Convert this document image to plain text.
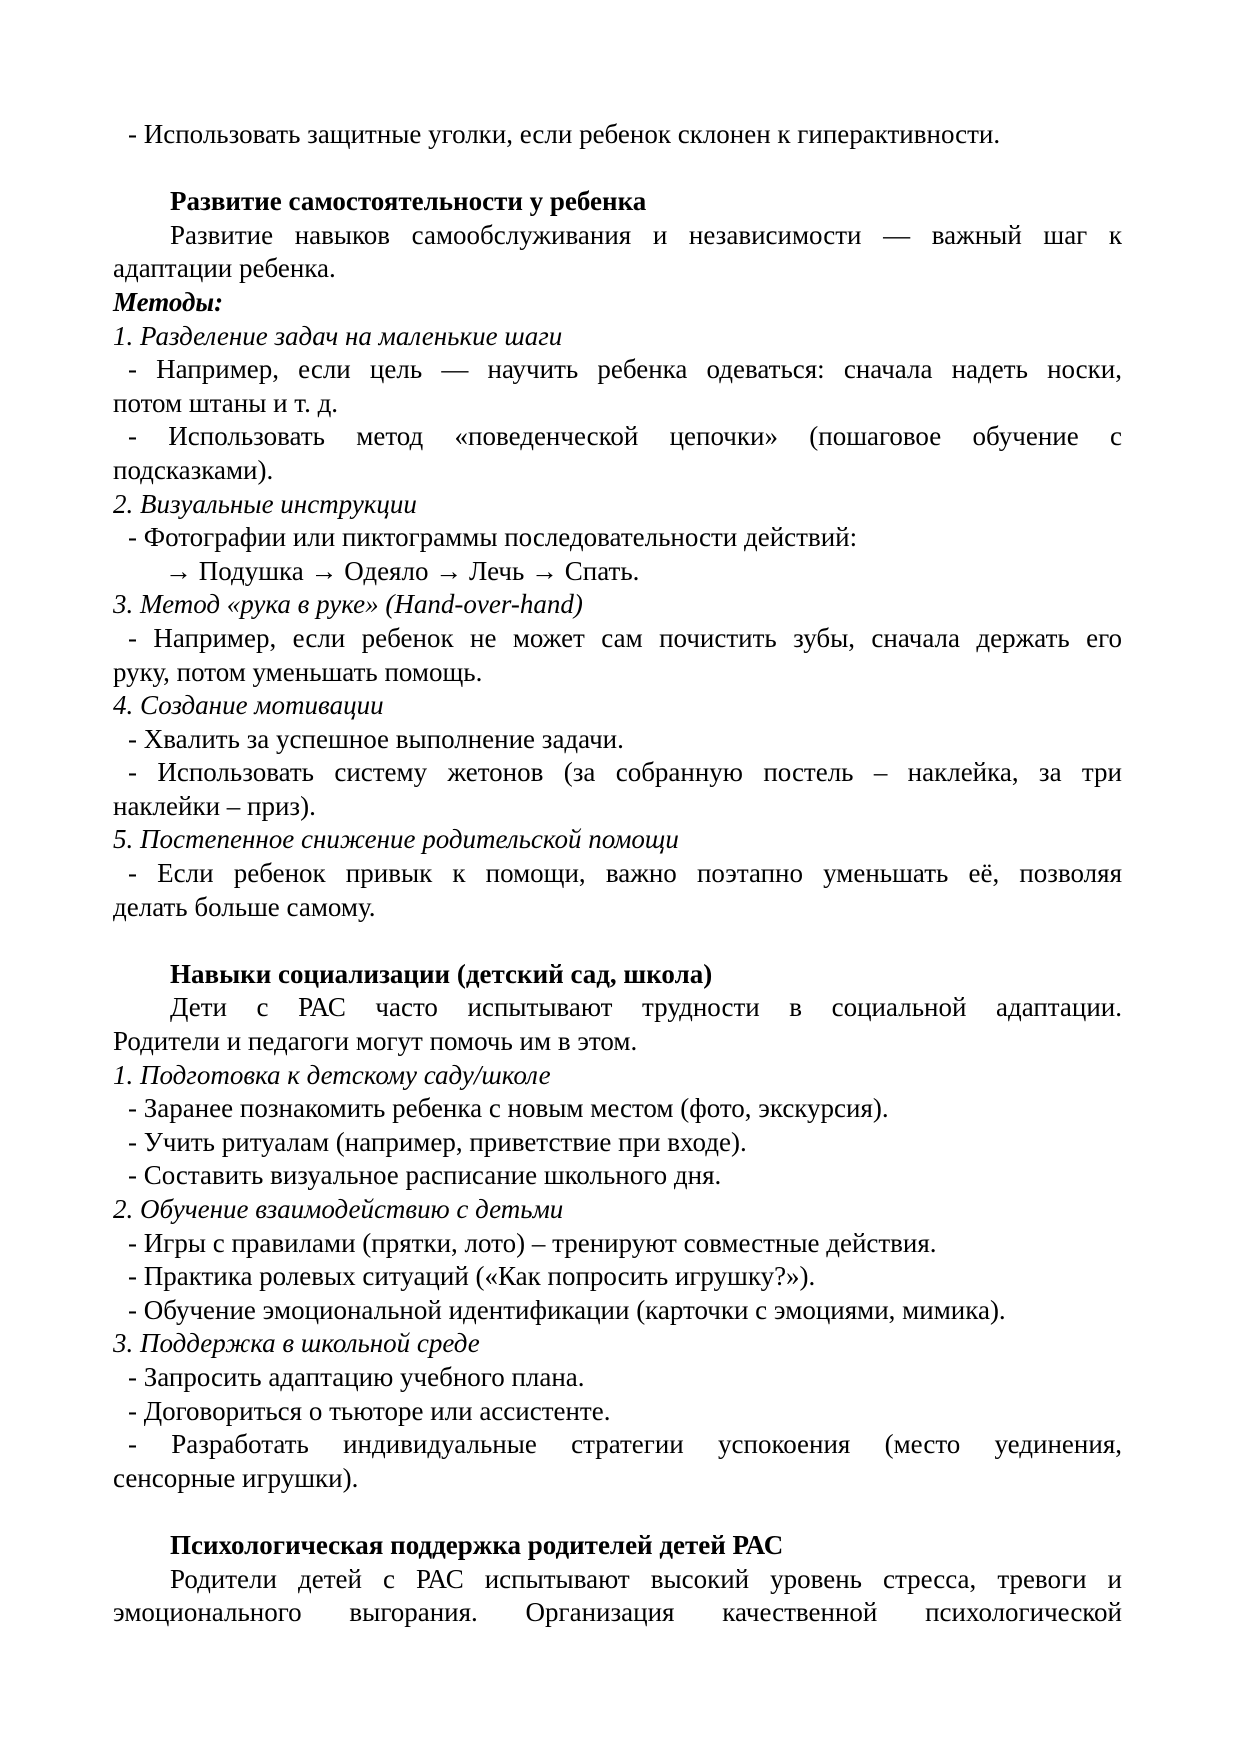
- Использовать защитные уголки, если ребенок склонен к гиперактивности.
Развитие самостоятельности у ребенка
Развитие навыков самообслуживания и независимости — важный шаг к
адаптации ребенка.
Методы:
1. Разделение задач на маленькие шаги
- Например, если цель — научить ребенка одеваться: сначала надеть носки,
потом штаны и т. д.
- Использовать метод «поведенческой цепочки» (пошаговое обучение с
подсказками).
2. Визуальные инструкции
- Фотографии или пиктограммы последовательности действий:
→ Подушка → Одеяло → Лечь → Спать.
3. Метод «рука в руке» (Hand-over-hand)
- Например, если ребенок не может сам почистить зубы, сначала держать его
руку, потом уменьшать помощь.
4. Создание мотивации
- Хвалить за успешное выполнение задачи.
- Использовать систему жетонов (за собранную постель – наклейка, за три
наклейки – приз).
5. Постепенное снижение родительской помощи
- Если ребенок привык к помощи, важно поэтапно уменьшать её, позволяя
делать больше самому.
Навыки социализации (детский сад, школа)
Дети с РАС часто испытывают трудности в социальной адаптации.
Родители и педагоги могут помочь им в этом.
1. Подготовка к детскому саду/школе
- Заранее познакомить ребенка с новым местом (фото, экскурсия).
- Учить ритуалам (например, приветствие при входе).
- Составить визуальное расписание школьного дня.
2. Обучение взаимодействию с детьми
- Игры с правилами (прятки, лото) – тренируют совместные действия.
- Практика ролевых ситуаций («Как попросить игрушку?»).
- Обучение эмоциональной идентификации (карточки с эмоциями, мимика).
3. Поддержка в школьной среде
- Запросить адаптацию учебного плана.
- Договориться о тьюторе или ассистенте.
- Разработать индивидуальные стратегии успокоения (место уединения,
сенсорные игрушки).
Психологическая поддержка родителей детей РАС
Родители детей с РАС испытывают высокий уровень стресса, тревоги и
эмоционального выгорания. Организация качественной психологической
